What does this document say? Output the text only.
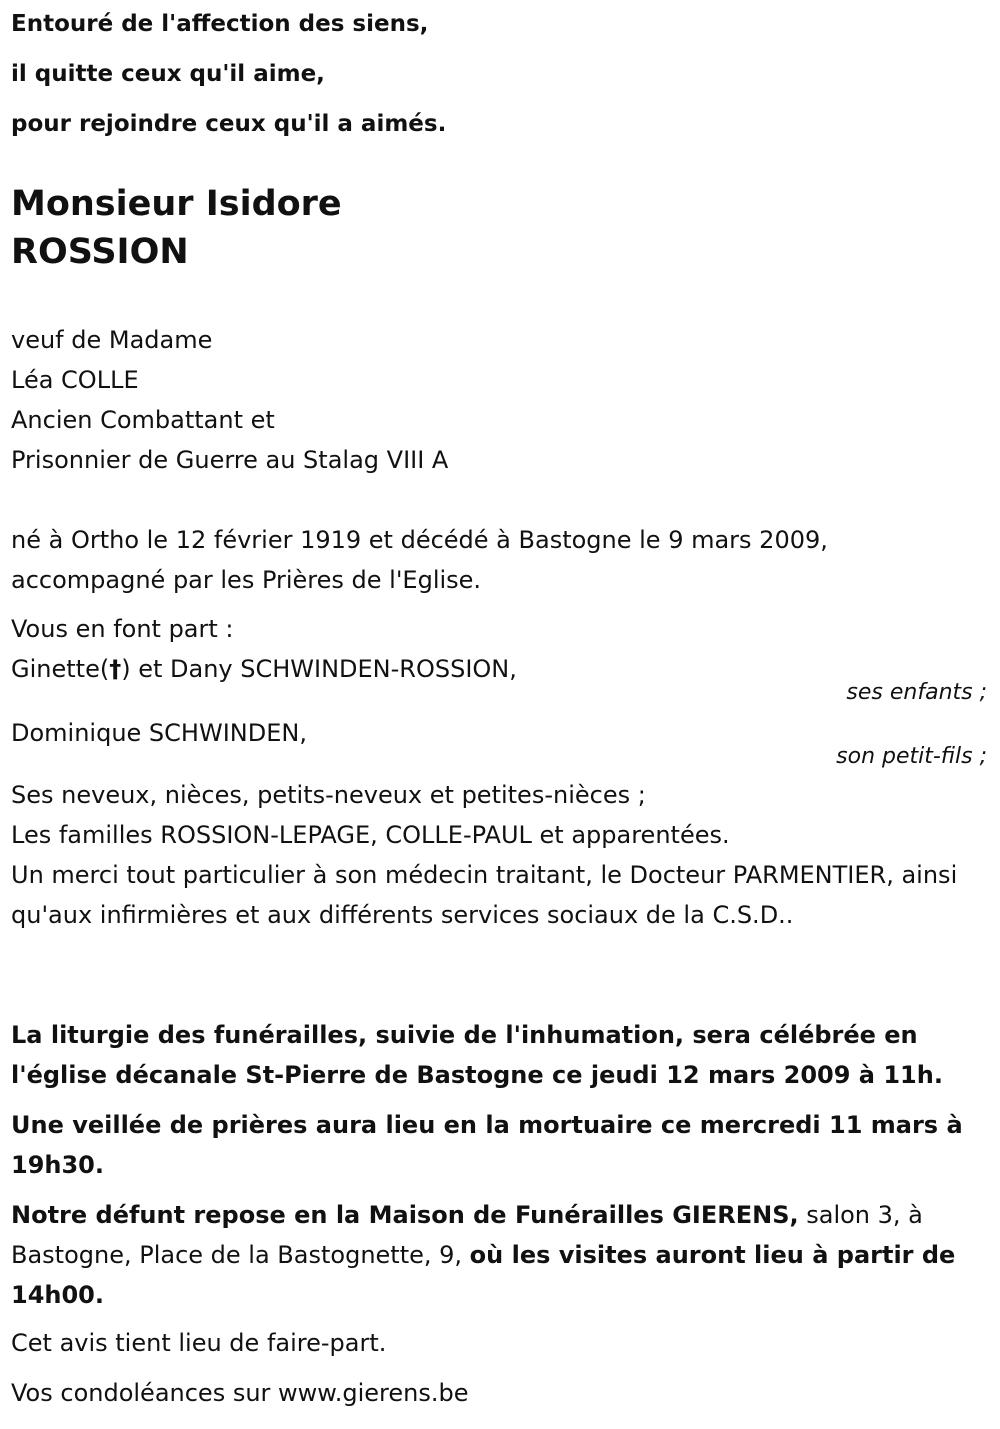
Entouré de l'affection des siens,
il quitte ceux qu'il aime,
pour rejoindre ceux qu'il a aimés.
Monsieur Isidore
ROSSION
veuf de Madame
Léa COLLE
Ancien Combattant et
Prisonnier de Guerre au Stalag VIII A
né à Ortho le 12 février 1919 et décédé à Bastogne le 9 mars 2009,
accompagné par les Prières de l'Eglise.
Vous en font part :
Ginette(†) et Dany SCHWINDEN-ROSSION,
ses enfants ;
Dominique SCHWINDEN,
son petit-fils ;
Ses neveux, nièces, petits-neveux et petites-nièces ;
Les familles ROSSION-LEPAGE, COLLE-PAUL et apparentées.
Un merci tout particulier à son médecin traitant, le Docteur PARMENTIER, ainsi qu'aux infirmières et aux différents services sociaux de la C.S.D..
La liturgie des funérailles, suivie de l'inhumation, sera célébrée en l'église décanale St-Pierre de Bastogne ce jeudi 12 mars 2009 à 11h.
Une veillée de prières aura lieu en la mortuaire ce mercredi 11 mars à 19h30.
Notre défunt repose en la Maison de Funérailles GIERENS, salon 3, à Bastogne, Place de la Bastognette, 9, où les visites auront lieu à partir de 14h00.
Cet avis tient lieu de faire-part.
Vos condoléances sur www.gierens.be
